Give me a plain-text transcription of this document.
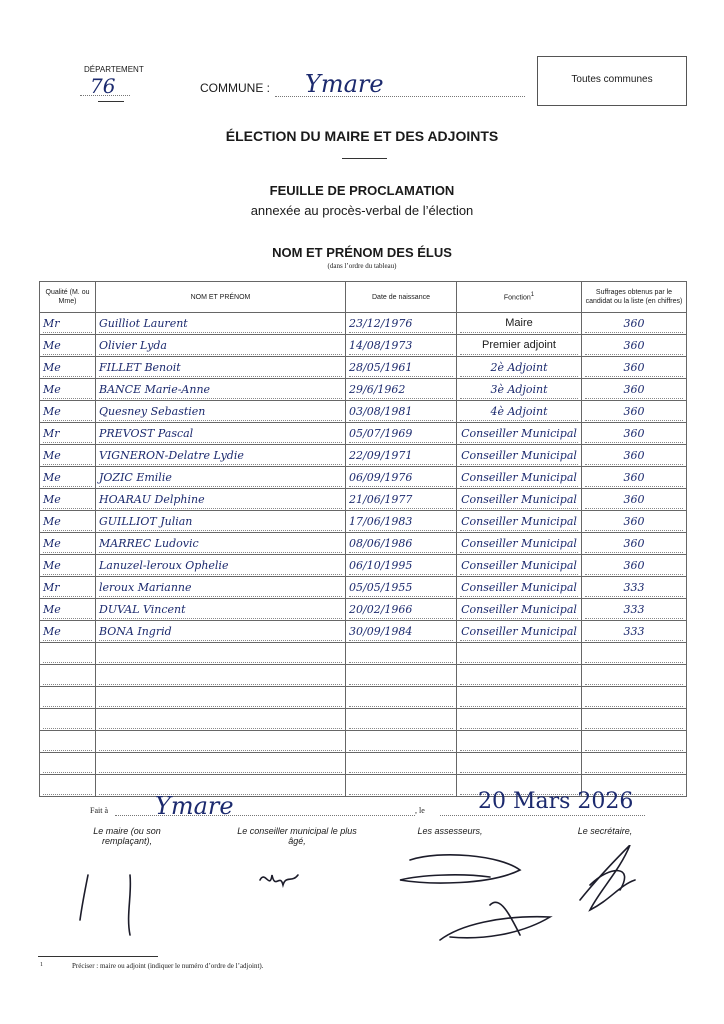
DÉPARTEMENT
76	COMMUNE : Ymare	Toutes communes
ÉLECTION DU MAIRE ET DES ADJOINTS
FEUILLE DE PROCLAMATION
annexée au procès-verbal de l’élection
NOM ET PRÉNOM DES ÉLUS
(dans l’ordre du tableau)
Qualité (M. ou Mme)	NOM ET PRÉNOM	Date de naissance	Fonction$^1$	Suffrages obtenus par le candidat ou la liste (en chiffres)

Mr	Guilliot Laurent	23/12/1976	Maire	360

Me	Olivier Lyda	14/08/1973	Premier adjoint	360

Me	FILLET Benoit	28/05/1961	2è Adjoint	360

Me	BANCE Marie-Anne	29/6/1962	3è Adjoint	360

Me	Quesney Sebastien	03/08/1981	4è Adjoint	360

Mr	PREVOST Pascal	05/07/1969	Conseiller Municipal	360

Me	VIGNERON-Delatre Lydie	22/09/1971	Conseiller Municipal	360

Me	JOZIC Emilie	06/09/1976	Conseiller Municipal	360

Me	HOARAU Delphine	21/06/1977	Conseiller Municipal	360

Me	GUILLIOT Julian	17/06/1983	Conseiller Municipal	360

Me	MARREC Ludovic	08/06/1986	Conseiller Municipal	360

Me	Lanuzel-leroux Ophelie	06/10/1995	Conseiller Municipal	360

Mr	leroux Marianne	05/05/1955	Conseiller Municipal	333

Me	DUVAL Vincent	20/02/1966	Conseiller Municipal	333

Me	BONA Ingrid	30/09/1984	Conseiller Municipal	333

Fait à Ymare	, le 20 Mars 2026
Le maire (ou son remplaçant),
Le conseiller municipal le plus âgé,
Les assesseurs,	Le secrétaire,
1	Préciser : maire ou adjoint (indiquer le numéro d’ordre de l’adjoint).
